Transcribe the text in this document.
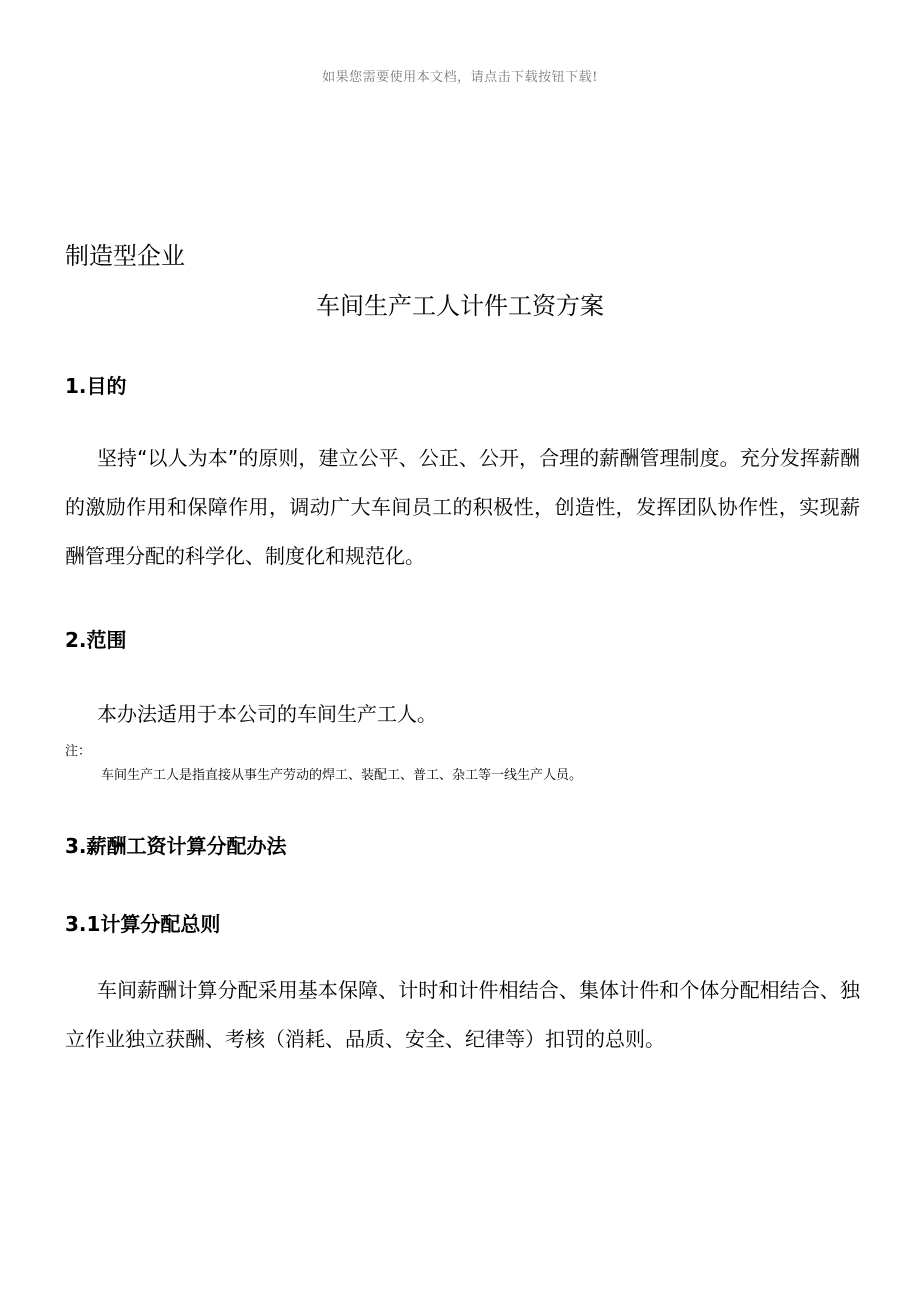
如果您需要使用本文档，请点击下载按钮下载!
制造型企业
车间生产工人计件工资方案
1.目的
坚持“以人为本”的原则，建立公平、公正、公开，合理的薪酬管理制度。充分发挥薪酬的激励作用和保障作用，调动广大车间员工的积极性，创造性，发挥团队协作性，实现薪酬管理分配的科学化、制度化和规范化。
2.范围
本办法适用于本公司的车间生产工人。
注：
车间生产工人是指直接从事生产劳动的焊工、装配工、普工、杂工等一线生产人员。
3.薪酬工资计算分配办法
3.1计算分配总则
车间薪酬计算分配采用基本保障、计时和计件相结合、集体计件和个体分配相结合、独立作业独立获酬、考核（消耗、品质、安全、纪律等）扣罚的总则。
